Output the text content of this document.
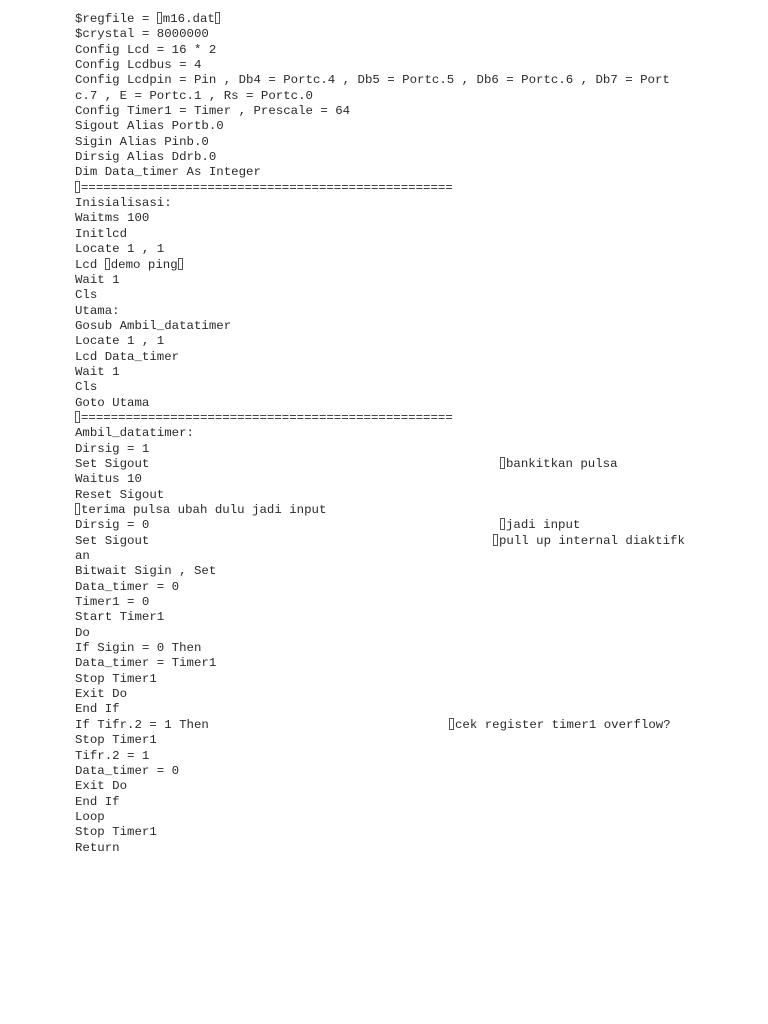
$regfile = m16.dat
$crystal = 8000000
Config Lcd = 16 * 2
Config Lcdbus = 4
Config Lcdpin = Pin , Db4 = Portc.4 , Db5 = Portc.5 , Db6 = Portc.6 , Db7 = Port
c.7 , E = Portc.1 , Rs = Portc.0
Config Timer1 = Timer , Prescale = 64
Sigout Alias Portb.0
Sigin Alias Pinb.0
Dirsig Alias Ddrb.0
Dim Data_timer As Integer
==================================================
Inisialisasi:
Waitms 100
Initlcd
Locate 1 , 1
Lcd demo ping
Wait 1
Cls
Utama:
Gosub Ambil_datatimer
Locate 1 , 1
Lcd Data_timer
Wait 1
Cls
Goto Utama
==================================================
Ambil_datatimer:
Dirsig = 1
Set Sigout	bankitkan pulsa
Waitus 10
Reset Sigout
terima pulsa ubah dulu jadi input
Dirsig = 0	jadi input
Set Sigout	pull up internal diaktifk
an
Bitwait Sigin , Set
Data_timer = 0
Timer1 = 0
Start Timer1
Do
If Sigin = 0 Then
Data_timer = Timer1
Stop Timer1
Exit Do
End If
If Tifr.2 = 1 Then	cek register timer1 overflow?
Stop Timer1
Tifr.2 = 1
Data_timer = 0
Exit Do
End If
Loop
Stop Timer1
Return
